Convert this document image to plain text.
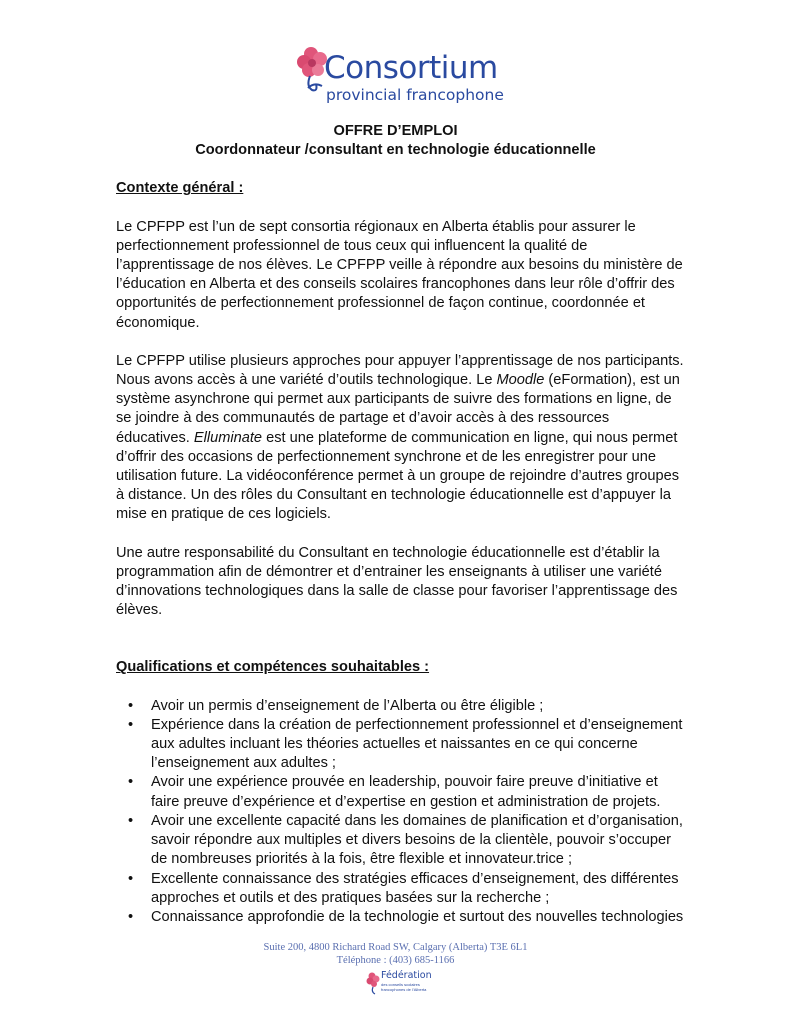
Consortium
provincial francophone

OFFRE D’EMPLOI

Coordonnateur /consultant en technologie éducationnelle

Contexte général :

Le CPFPP est l’un de sept consortia régionaux en Alberta établis pour assurer le perfectionnement professionnel de tous ceux qui influencent la qualité de l’apprentissage de nos élèves. Le CPFPP veille à répondre aux besoins du ministère de l’éducation en Alberta et des conseils scolaires francophones dans leur rôle d’offrir des opportunités de perfectionnement professionnel de façon continue, coordonnée et économique.

Le CPFPP utilise plusieurs approches pour appuyer l’apprentissage de nos participants. Nous avons accès à une variété d’outils technologique. Le Moodle (eFormation), est un système asynchrone qui permet aux participants de suivre des formations en ligne, de se joindre à des communautés de partage et d’avoir accès à des ressources éducatives. Elluminate est une plateforme de communication en ligne, qui nous permet d’offrir des occasions de perfectionnement synchrone et de les enregistrer pour une utilisation future. La vidéoconférence permet à un groupe de rejoindre d’autres groupes à distance. Un des rôles du Consultant en technologie éducationnelle est d’appuyer la mise en pratique de ces logiciels.

Une autre responsabilité du Consultant en technologie éducationnelle est d’établir la programmation afin de démontrer et d’entrainer les enseignants à utiliser une variété d’innovations technologiques dans la salle de classe pour favoriser l’apprentissage des élèves.

Qualifications et compétences souhaitables :

• Avoir un permis d’enseignement de l’Alberta ou être éligible ;
• Expérience dans la création de perfectionnement professionnel et d’enseignement aux adultes incluant les théories actuelles et naissantes en ce qui concerne l’enseignement aux adultes ;
• Avoir une expérience prouvée en leadership, pouvoir faire preuve d’initiative et faire preuve d’expérience et d’expertise en gestion et administration de projets.
• Avoir une excellente capacité dans les domaines de planification et d’organisation, savoir répondre aux multiples et divers besoins de la clientèle, pouvoir s’occuper de nombreuses priorités à la fois, être flexible et innovateur.trice ;
• Excellente connaissance des stratégies efficaces d’enseignement, des différentes approches et outils et des pratiques basées sur la recherche ;
• Connaissance approfondie de la technologie et surtout des nouvelles technologies
Suite 200, 4800 Richard Road SW, Calgary (Alberta) T3E 6L1
Téléphone : (403) 685-1166
Fédération
des conseils scolaires
francophones de l’Alberta
